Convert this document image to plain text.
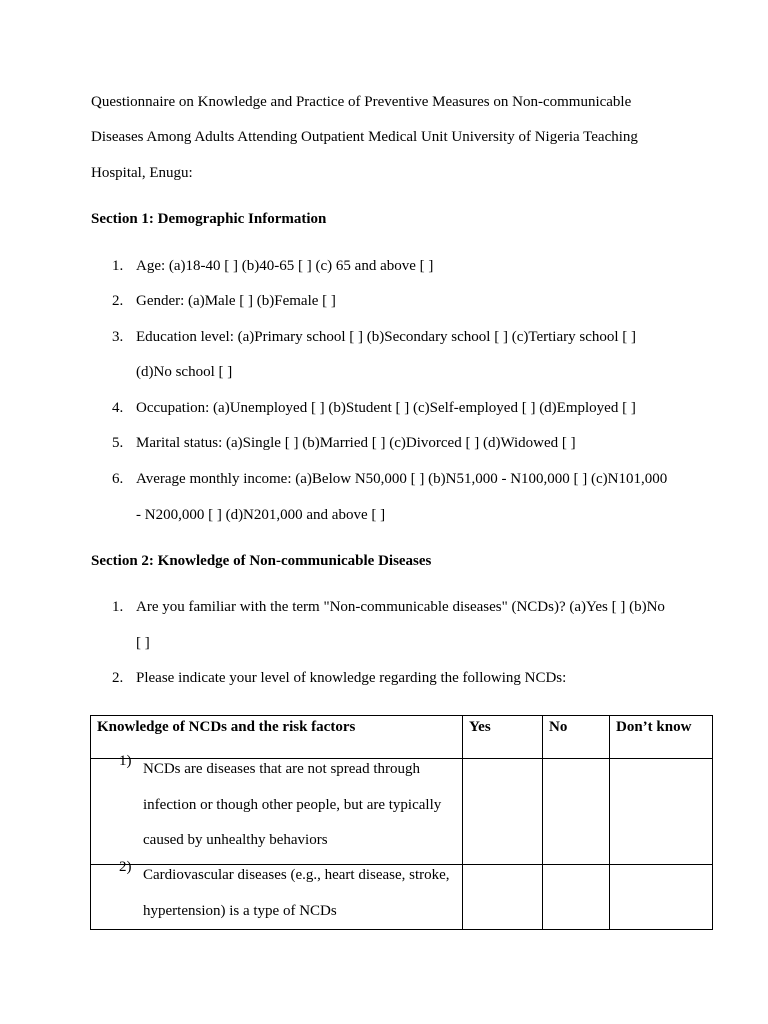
Questionnaire on Knowledge and Practice of Preventive Measures on Non-communicable
Diseases Among Adults Attending Outpatient Medical Unit University of Nigeria Teaching
Hospital, Enugu:
Section 1: Demographic Information
1. Age: (a)18-40 [ ] (b)40-65 [ ] (c) 65 and above [ ]
2. Gender: (a)Male [ ] (b)Female [ ]
3. Education level: (a)Primary school [ ] (b)Secondary school [ ] (c)Tertiary school [ ]
(d)No school [ ]
4. Occupation: (a)Unemployed [ ] (b)Student [ ] (c)Self-employed [ ] (d)Employed [ ]
5. Marital status: (a)Single [ ] (b)Married [ ] (c)Divorced [ ] (d)Widowed [ ]
6. Average monthly income: (a)Below N50,000 [ ] (b)N51,000 - N100,000 [ ] (c)N101,000
- N200,000 [ ] (d)N201,000 and above [ ]
Section 2: Knowledge of Non-communicable Diseases
1. Are you familiar with the term "Non-communicable diseases" (NCDs)? (a)Yes [ ] (b)No
[ ]
2. Please indicate your level of knowledge regarding the following NCDs:
Knowledge of NCDs and the risk factors	Yes	No	Don’t know

1) NCDs are diseases that are not spread through
infection or though other people, but are typically
caused by unhealthy behaviors			

2) Cardiovascular diseases (e.g., heart disease, stroke,
hypertension) is a type of NCDs			
